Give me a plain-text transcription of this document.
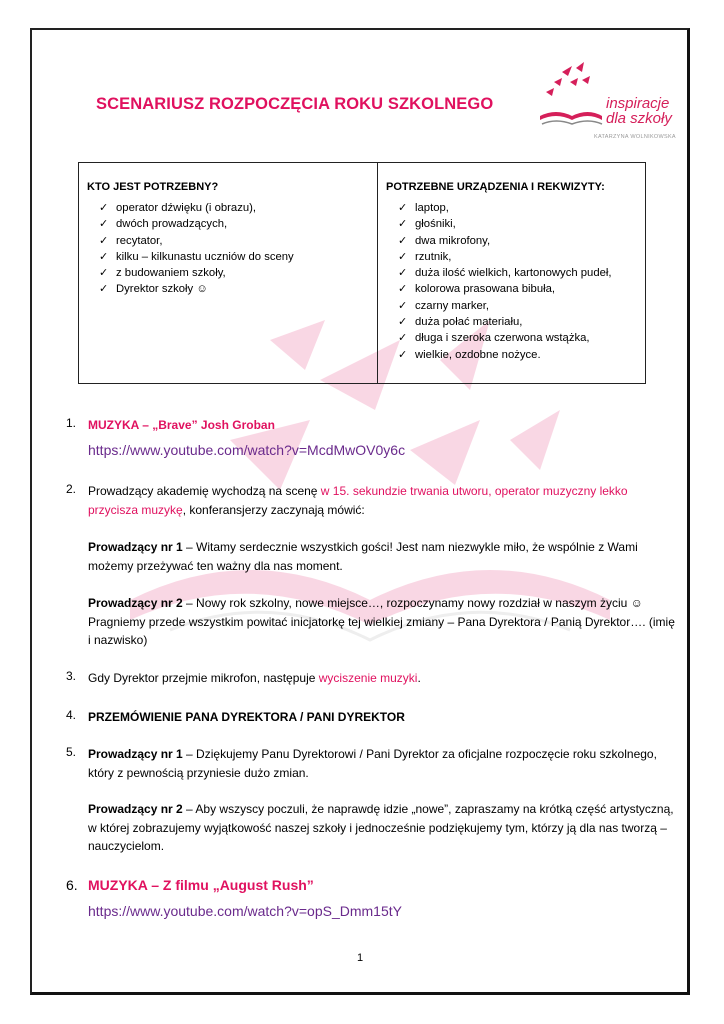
SCENARIUSZ ROZPOCZĘCIA ROKU SZKOLNEGO	inspiracje
dla szkoły
KATARZYNA WOLNIKOWSKA
KTO JEST POTRZEBNY?
✓ operator dźwięku (i obrazu),
✓ dwóch prowadzących,
✓ recytator,
✓ kilku – kilkunastu uczniów do sceny
✓ z budowaniem szkoły,
✓ Dyrektor szkoły ☺

POTRZEBNE URZĄDZENIA I REKWIZYTY:
✓ laptop,
✓ głośniki,
✓ dwa mikrofony,
✓ rzutnik,
✓ duża ilość wielkich, kartonowych pudeł,
✓ kolorowa prasowana bibuła,
✓ czarny marker,
✓ duża połać materiału,
✓ długa i szeroka czerwona wstążka,
✓ wielkie, ozdobne nożyce.
1. MUZYKA – „Brave” Josh Groban
https://www.youtube.com/watch?v=McdMwOV0y6c
2. Prowadzący akademię wychodzą na scenę w 15. sekundzie trwania utworu, operator muzyczny lekko przycisza muzykę, konferansjerzy zaczynają mówić:
Prowadzący nr 1 – Witamy serdecznie wszystkich gości! Jest nam niezwykle miło, że wspólnie z Wami możemy przeżywać ten ważny dla nas moment.
Prowadzący nr 2 – Nowy rok szkolny, nowe miejsce…, rozpoczynamy nowy rozdział w naszym życiu ☺ Pragniemy przede wszystkim powitać inicjatorkę tej wielkiej zmiany – Pana Dyrektora / Panią Dyrektor…. (imię i nazwisko)
3. Gdy Dyrektor przejmie mikrofon, następuje wyciszenie muzyki.
4. PRZEMÓWIENIE PANA DYREKTORA / PANI DYREKTOR
5. Prowadzący nr 1 – Dziękujemy Panu Dyrektorowi / Pani Dyrektor za oficjalne rozpoczęcie roku szkolnego, który z pewnością przyniesie dużo zmian.
Prowadzący nr 2 – Aby wszyscy poczuli, że naprawdę idzie „nowe”, zapraszamy na krótką część artystyczną, w której zobrazujemy wyjątkowość naszej szkoły i jednocześnie podziękujemy tym, którzy ją dla nas tworzą – nauczycielom.
6. MUZYKA – Z filmu „August Rush”
https://www.youtube.com/watch?v=opS_Dmm15tY
1
